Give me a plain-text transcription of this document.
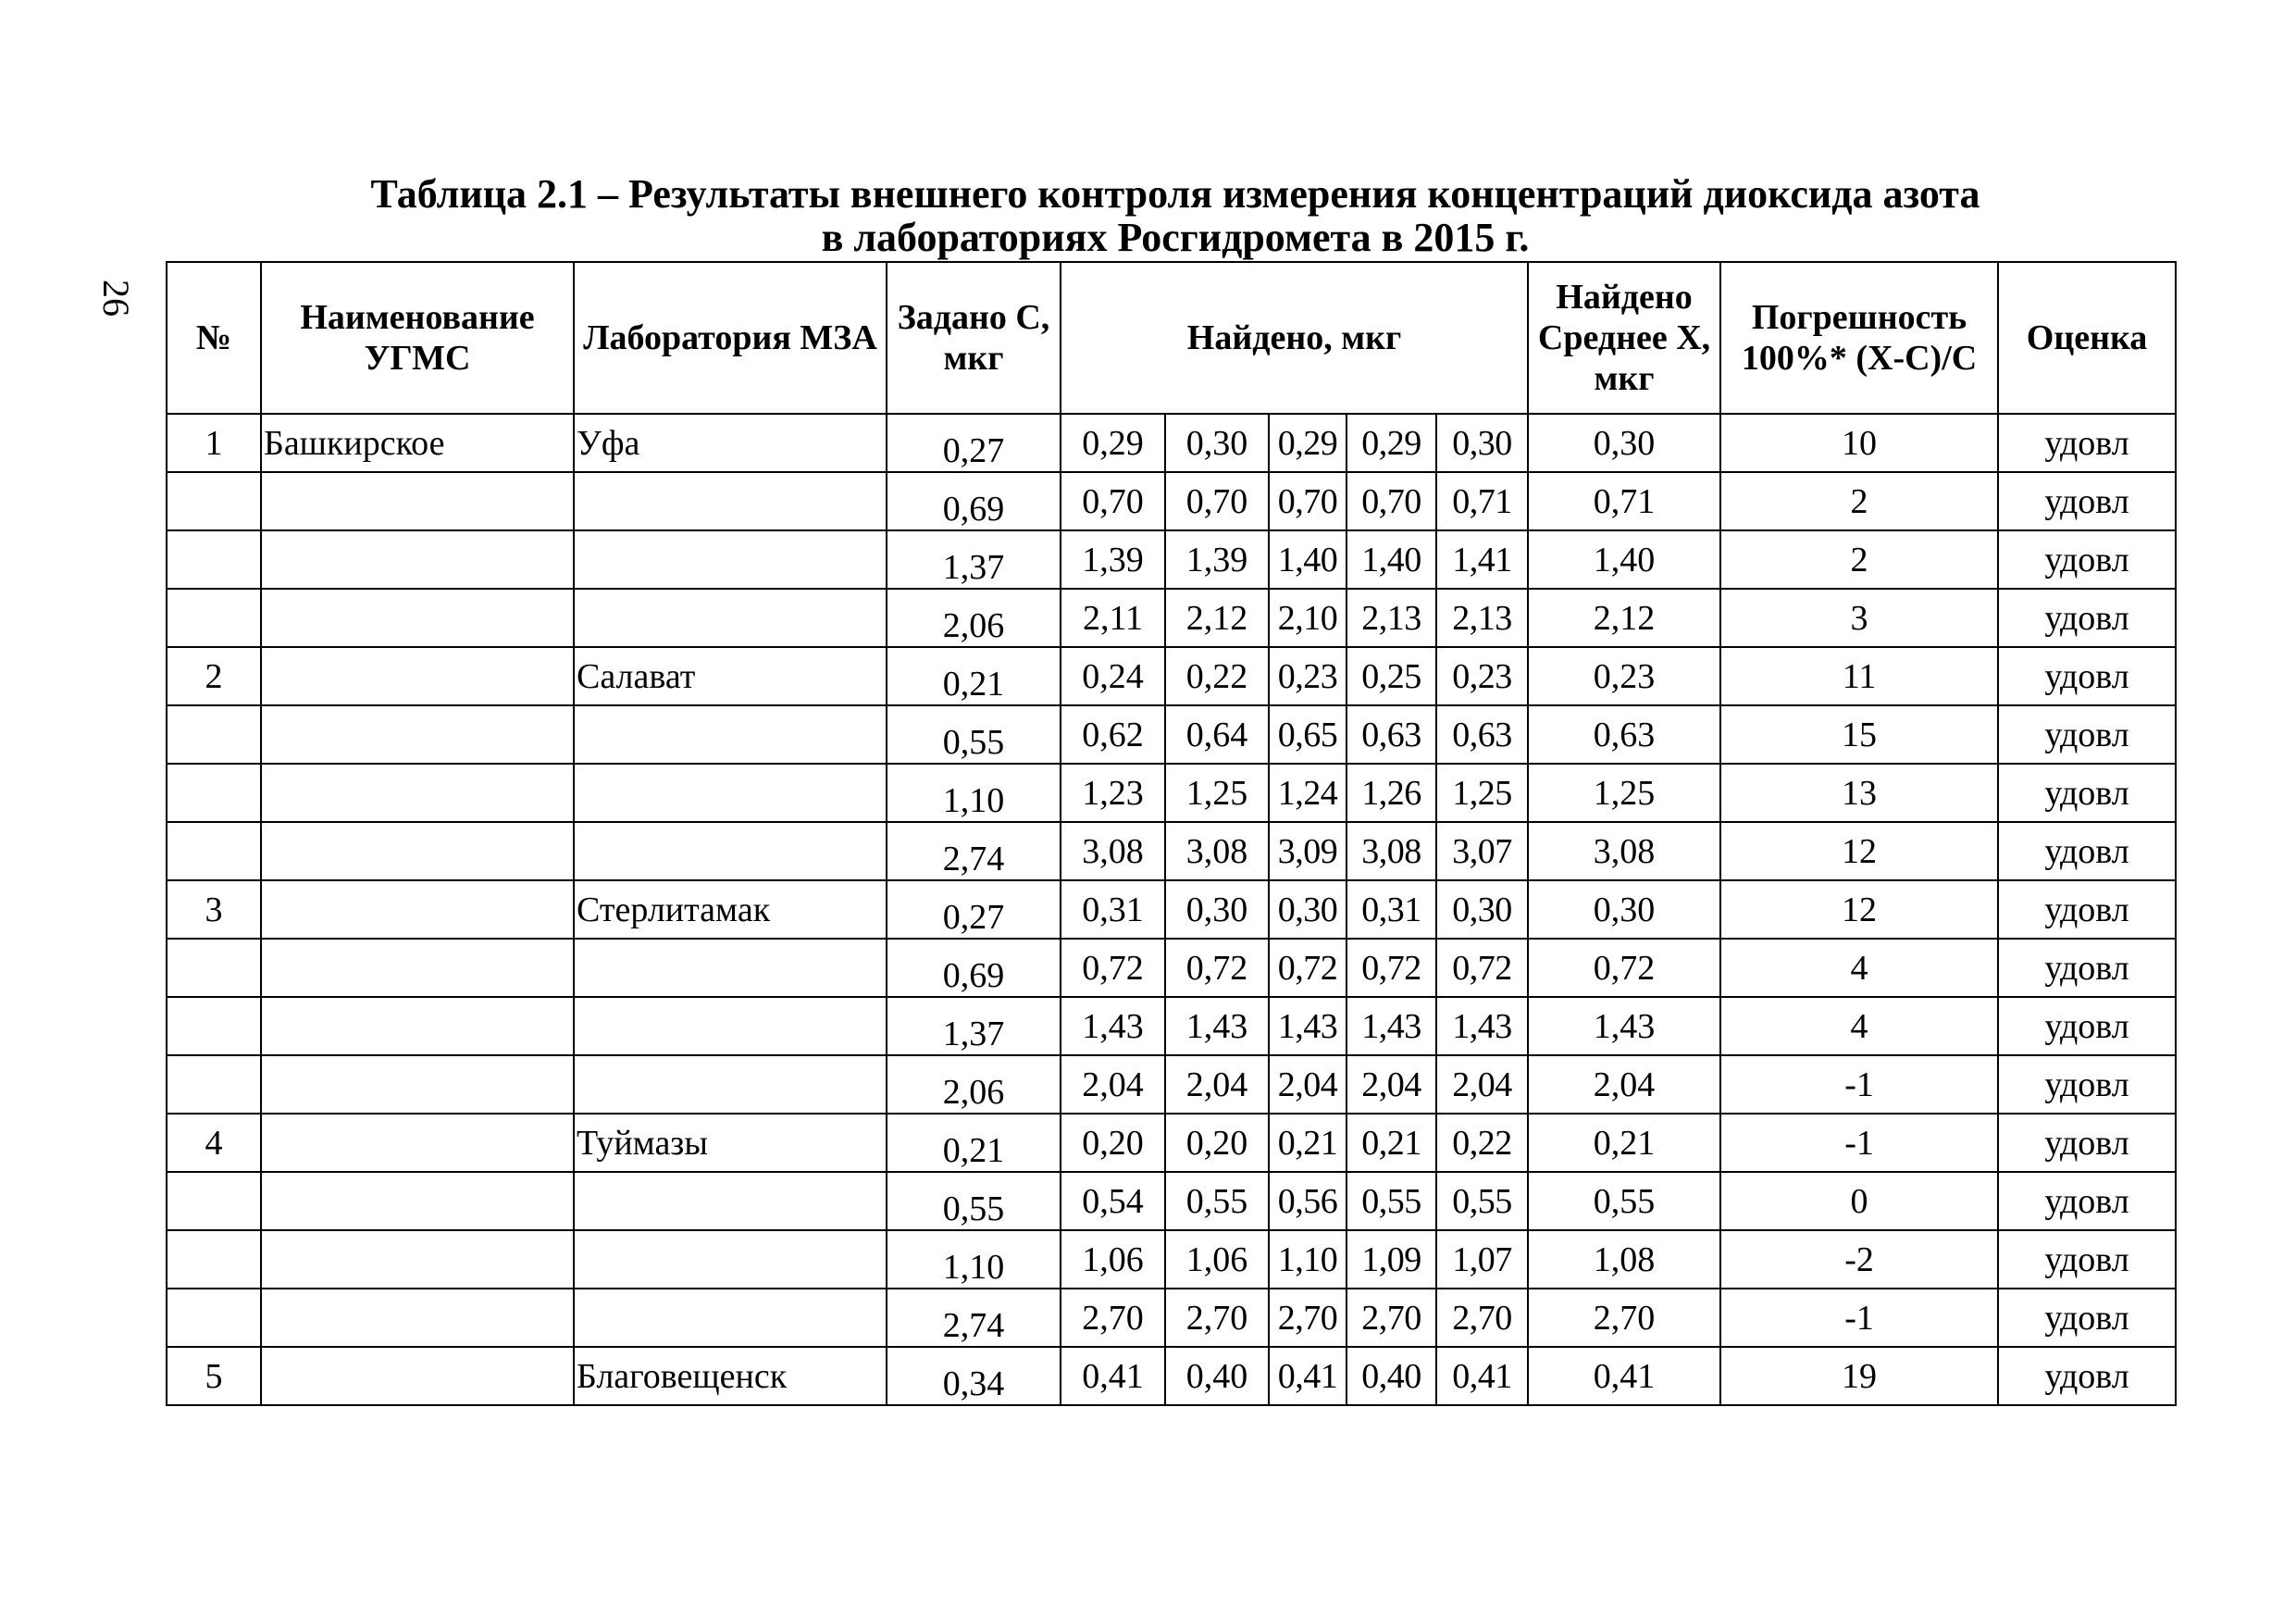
26
Таблица 2.1 – Результаты внешнего контроля измерения концентраций диоксида азота
в лабораториях Росгидромета в 2015 г.
№	Наименование УГМС	Лаборатория МЗА	Задано С, мкг	Найдено, мкг					Найдено Среднее Х, мкг	Погрешность 100%* (Х-С)/С	Оценка
1	Башкирское	Уфа	0,27	0,29	0,30	0,29	0,29	0,30	0,30	10	удовл
			0,69	0,70	0,70	0,70	0,70	0,71	0,71	2	удовл
			1,37	1,39	1,39	1,40	1,40	1,41	1,40	2	удовл
			2,06	2,11	2,12	2,10	2,13	2,13	2,12	3	удовл
2		Салават	0,21	0,24	0,22	0,23	0,25	0,23	0,23	11	удовл
			0,55	0,62	0,64	0,65	0,63	0,63	0,63	15	удовл
			1,10	1,23	1,25	1,24	1,26	1,25	1,25	13	удовл
			2,74	3,08	3,08	3,09	3,08	3,07	3,08	12	удовл
3		Стерлитамак	0,27	0,31	0,30	0,30	0,31	0,30	0,30	12	удовл
			0,69	0,72	0,72	0,72	0,72	0,72	0,72	4	удовл
			1,37	1,43	1,43	1,43	1,43	1,43	1,43	4	удовл
			2,06	2,04	2,04	2,04	2,04	2,04	2,04	-1	удовл
4		Туймазы	0,21	0,20	0,20	0,21	0,21	0,22	0,21	-1	удовл
			0,55	0,54	0,55	0,56	0,55	0,55	0,55	0	удовл
			1,10	1,06	1,06	1,10	1,09	1,07	1,08	-2	удовл
			2,74	2,70	2,70	2,70	2,70	2,70	2,70	-1	удовл
5		Благовещенск	0,34	0,41	0,40	0,41	0,40	0,41	0,41	19	удовл
